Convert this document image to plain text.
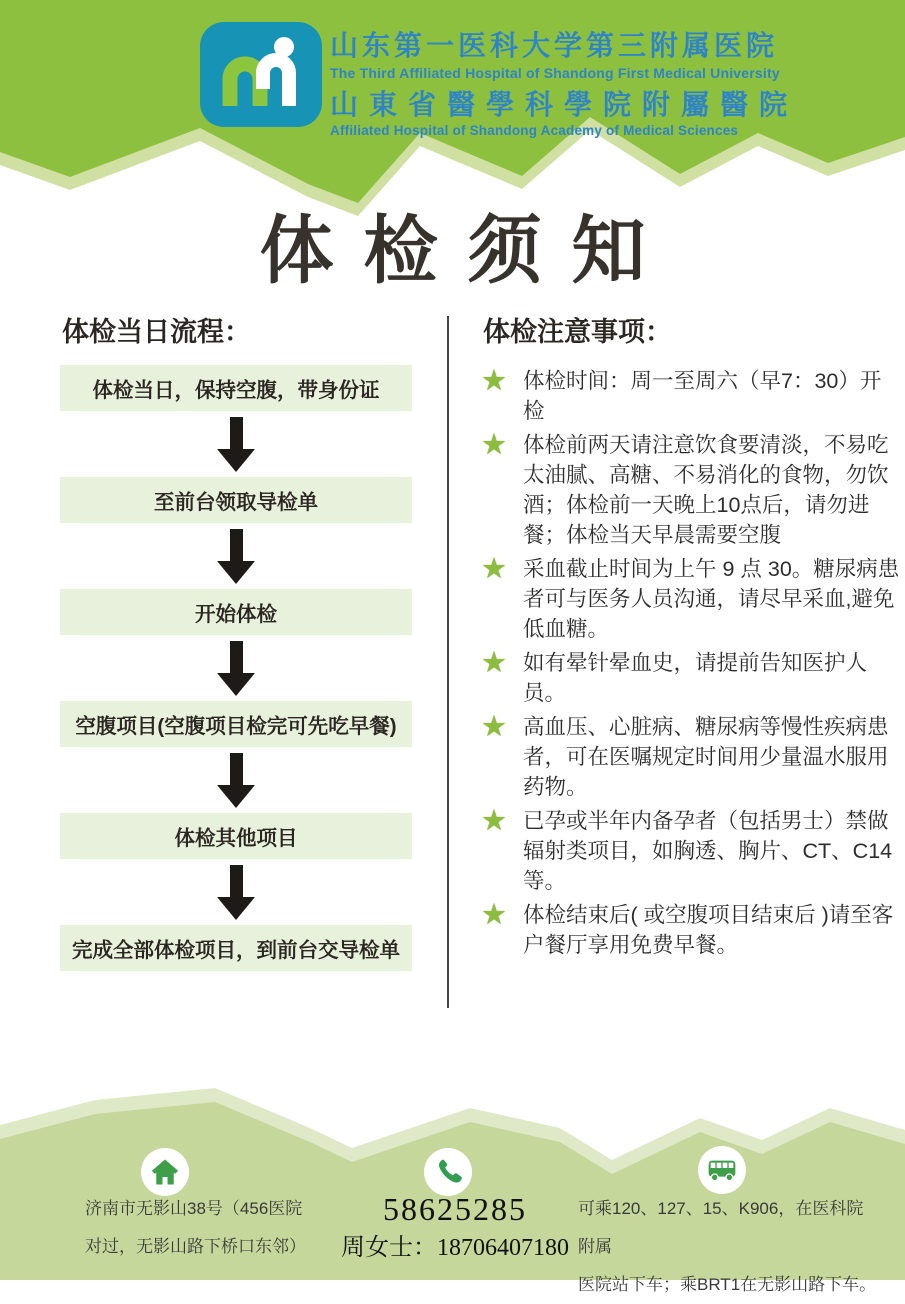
山东第一医科大学第三附属医院
The Third Affiliated Hospital of Shandong First Medical University
山東省醫學科學院附屬醫院
Affiliated Hospital of Shandong Academy of Medical Sciences
体检须知
体检当日流程：
体检当日，保持空腹，带身份证
至前台领取导检单
开始体检
空腹项目(空腹项目检完可先吃早餐)
体检其他项目
完成全部体检项目，到前台交导检单
体检注意事项：
★ 体检时间：周一至周六（早7：30）开检

★ 体检前两天请注意饮食要清淡，不易吃太油腻、高糖、不易消化的食物，勿饮酒；体检前一天晚上10点后，请勿进餐；体检当天早晨需要空腹

★ 采血截止时间为上午 9 点 30。糖尿病患者可与医务人员沟通，请尽早采血,避免低血糖。

★ 如有晕针晕血史，请提前告知医护人员。

★ 高血压、心脏病、糖尿病等慢性疾病患者，可在医嘱规定时间用少量温水服用药物。

★ 已孕或半年内备孕者（包括男士）禁做辐射类项目，如胸透、胸片、CT、C14等。

★ 体检结束后( 或空腹项目结束后 )请至客户餐厅享用免费早餐。

济南市无影山38号（456医院
对过，无影山路下桥口东邻）
58625285
周女士：18706407180
可乘120、127、15、K906，在医科院附属
医院站下车；乘BRT1在无影山路下车。
